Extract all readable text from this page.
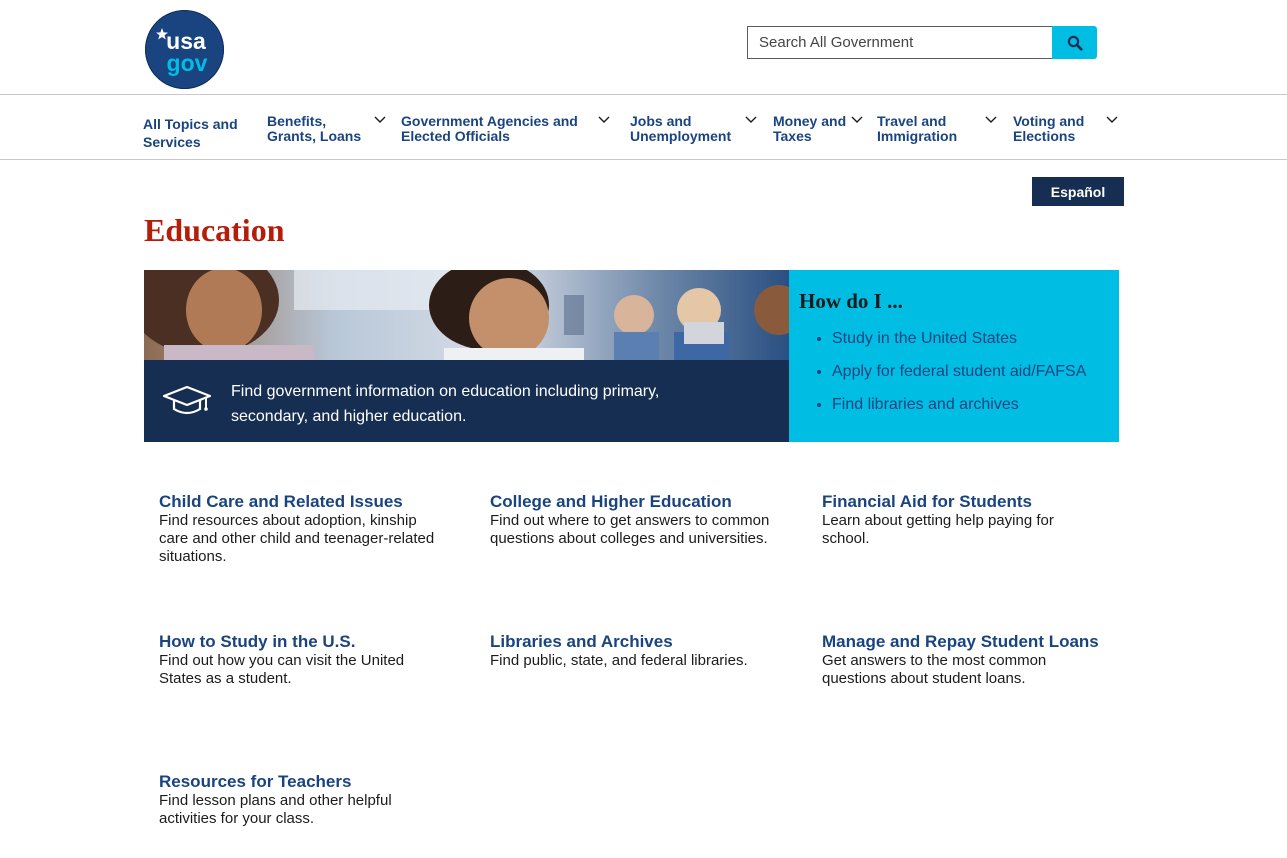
usa
gov
Search All Government
All Topics and
Services
Benefits,
Grants, Loans
Government Agencies and
Elected Officials
Jobs and
Unemployment
Money and
Taxes
Travel and
Immigration
Voting and
Elections
Español
Education
Find government information on education including primary, secondary, and higher education.
How do I ...
• Study in the United States
• Apply for federal student aid/FAFSA
• Find libraries and archives
Child Care and Related Issues
Find resources about adoption, kinship care and other child and teenager-related situations.
College and Higher Education
Find out where to get answers to common questions about colleges and universities.
Financial Aid for Students
Learn about getting help paying for school.
How to Study in the U.S.
Find out how you can visit the United States as a student.
Libraries and Archives
Find public, state, and federal libraries.
Manage and Repay Student Loans
Get answers to the most common questions about student loans.
Resources for Teachers
Find lesson plans and other helpful activities for your class.
